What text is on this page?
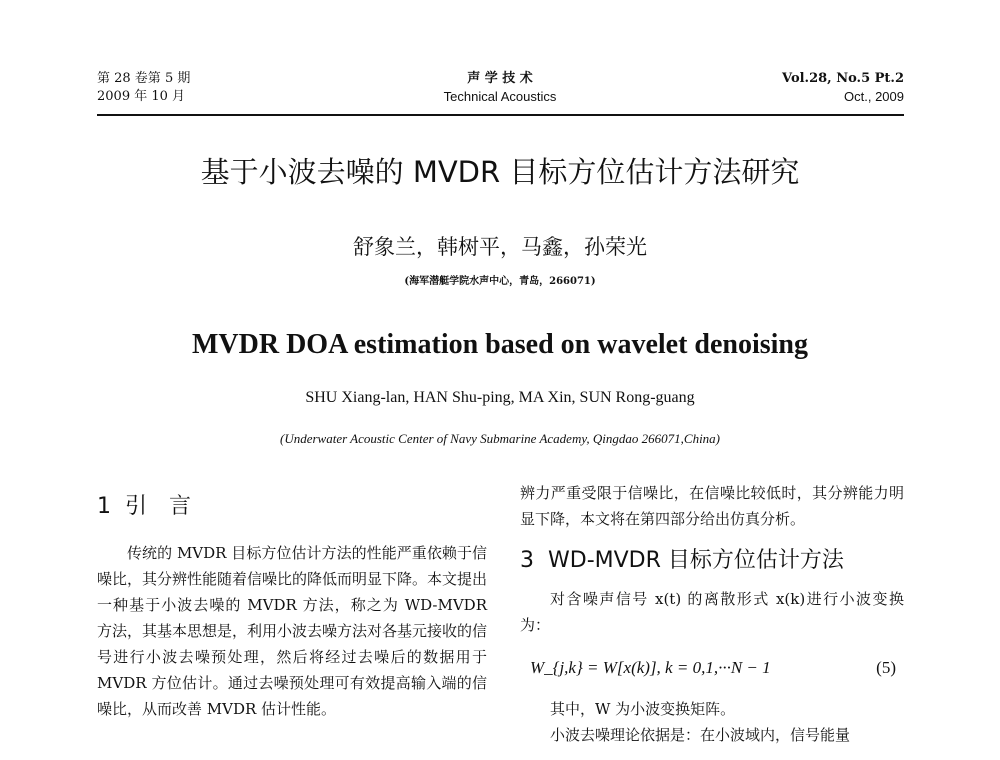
第 28 卷第 5 期
2009 年 10 月
声 学 技 术
Technical Acoustics
Vol.28, No.5 Pt.2
Oct., 2009
基于小波去噪的 MVDR 目标方位估计方法研究
舒象兰，韩树平，马鑫，孙荣光
(海军潜艇学院水声中心，青岛，266071)
MVDR DOA estimation based on wavelet denoising
SHU Xiang-lan, HAN Shu-ping, MA Xin, SUN Rong-guang
(Underwater Acoustic Center of Navy Submarine Academy, Qingdao 266071,China)
1 引　言
传统的 MVDR 目标方位估计方法的性能严重依赖于信噪比，其分辨性能随着信噪比的降低而明显下降。本文提出一种基于小波去噪的 MVDR 方法，称之为 WD-MVDR 方法，其基本思想是，利用小波去噪方法对各基元接收的信号进行小波去噪预处理，然后将经过去噪后的数据用于 MVDR 方位估计。通过去噪预处理可有效提高输入端的信噪比，从而改善 MVDR 估计性能。
辨力严重受限于信噪比，在信噪比较低时，其分辨能力明显下降，本文将在第四部分给出仿真分析。
3 WD-MVDR 目标方位估计方法
对含噪声信号 x(t) 的离散形式 x(k)进行小波变换为：
W_{j,k} = W[x(k)], k = 0,1,···N − 1	(5)
其中，W 为小波变换矩阵。
小波去噪理论依据是：在小波域内，信号能量
